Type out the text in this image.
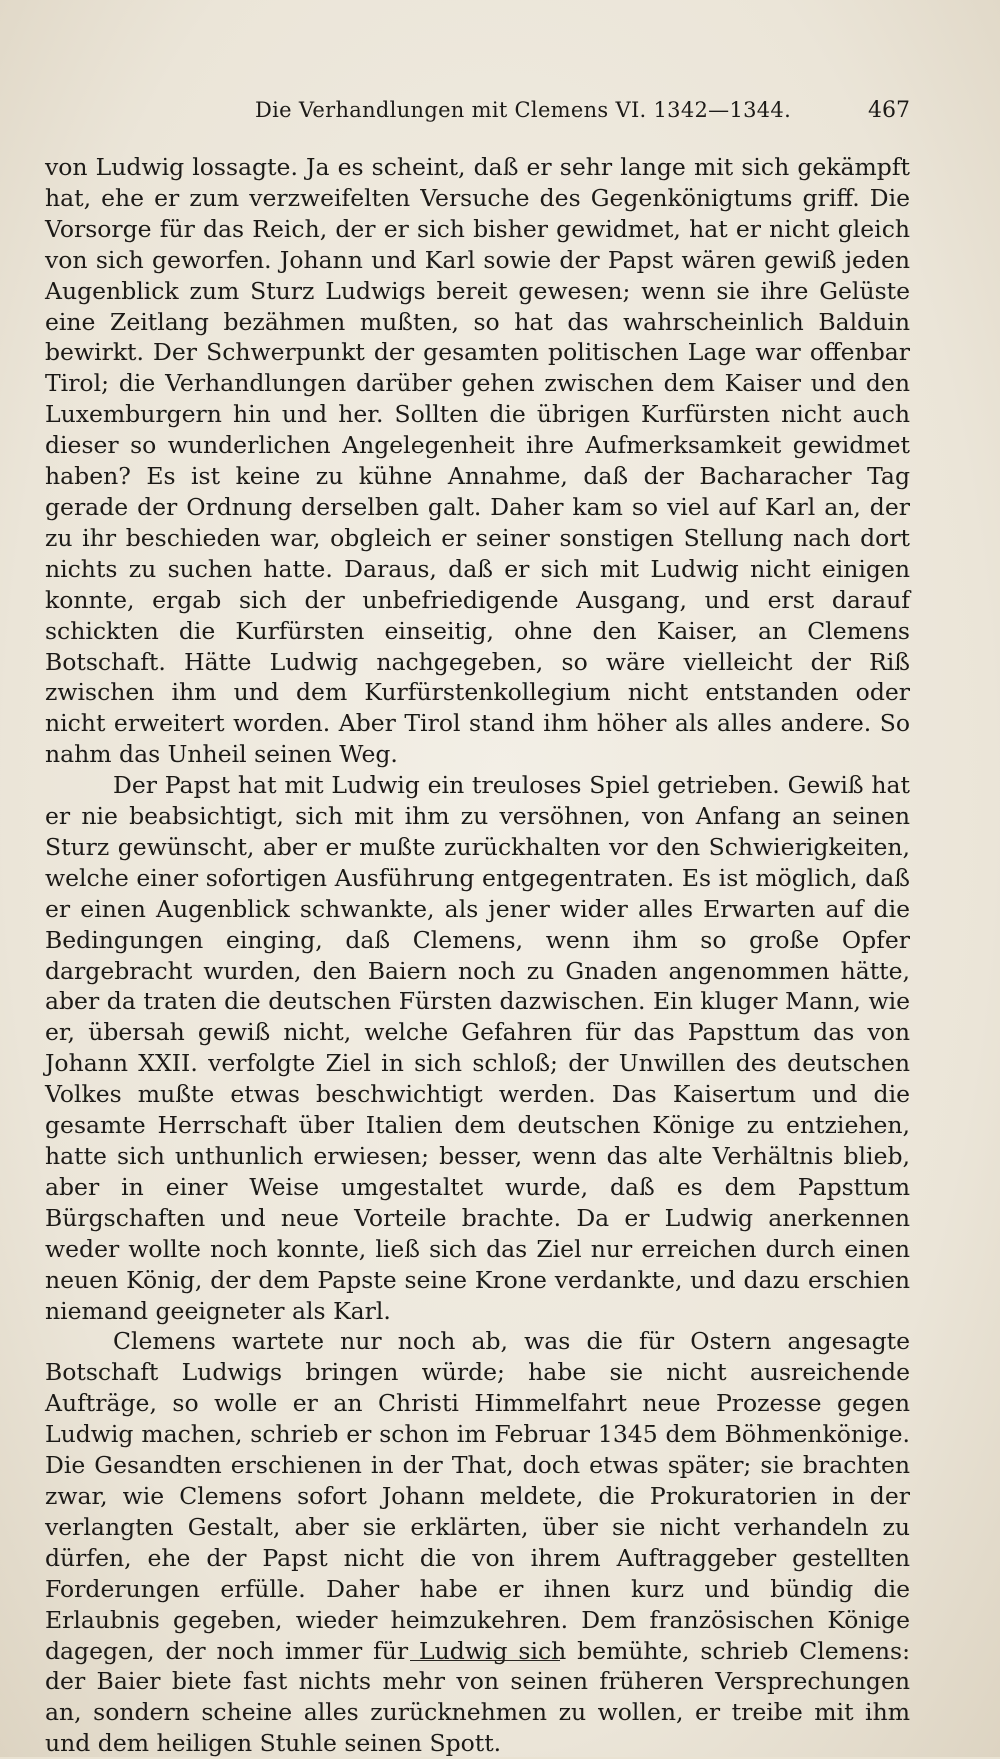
Die Verhandlungen mit Clemens VI. 1342—1344.	467

von Ludwig lossagte. Ja es scheint, daß er sehr lange mit sich gekämpft hat, ehe er zum verzweifelten Versuche des Gegenkönigtums griff. Die Vorsorge für das Reich, der er sich bisher gewidmet, hat er nicht gleich von sich geworfen. Johann und Karl sowie der Papst wären gewiß jeden Augenblick zum Sturz Ludwigs bereit gewesen; wenn sie ihre Gelüste eine Zeitlang bezähmen mußten, so hat das wahrscheinlich Balduin bewirkt. Der Schwerpunkt der gesamten politischen Lage war offenbar Tirol; die Verhandlungen darüber gehen zwischen dem Kaiser und den Luxemburgern hin und her. Sollten die übrigen Kurfürsten nicht auch dieser so wunderlichen Angelegenheit ihre Aufmerksamkeit gewidmet haben? Es ist keine zu kühne Annahme, daß der Bacharacher Tag gerade der Ordnung derselben galt. Daher kam so viel auf Karl an, der zu ihr beschieden war, obgleich er seiner sonstigen Stellung nach dort nichts zu suchen hatte. Daraus, daß er sich mit Ludwig nicht einigen konnte, ergab sich der unbefriedigende Ausgang, und erst darauf schickten die Kurfürsten einseitig, ohne den Kaiser, an Clemens Botschaft. Hätte Ludwig nachgegeben, so wäre vielleicht der Riß zwischen ihm und dem Kurfürstenkollegium nicht entstanden oder nicht erweitert worden. Aber Tirol stand ihm höher als alles andere. So nahm das Unheil seinen Weg.

Der Papst hat mit Ludwig ein treuloses Spiel getrieben. Gewiß hat er nie beabsichtigt, sich mit ihm zu versöhnen, von Anfang an seinen Sturz gewünscht, aber er mußte zurückhalten vor den Schwierigkeiten, welche einer sofortigen Ausführung entgegentraten. Es ist möglich, daß er einen Augenblick schwankte, als jener wider alles Erwarten auf die Bedingungen einging, daß Clemens, wenn ihm so große Opfer dargebracht wurden, den Baiern noch zu Gnaden angenommen hätte, aber da traten die deutschen Fürsten dazwischen. Ein kluger Mann, wie er, übersah gewiß nicht, welche Gefahren für das Papsttum das von Johann XXII. verfolgte Ziel in sich schloß; der Unwillen des deutschen Volkes mußte etwas beschwichtigt werden. Das Kaisertum und die gesamte Herrschaft über Italien dem deutschen Könige zu entziehen, hatte sich unthunlich erwiesen; besser, wenn das alte Verhältnis blieb, aber in einer Weise umgestaltet wurde, daß es dem Papsttum Bürgschaften und neue Vorteile brachte. Da er Ludwig anerkennen weder wollte noch konnte, ließ sich das Ziel nur erreichen durch einen neuen König, der dem Papste seine Krone verdankte, und dazu erschien niemand geeigneter als Karl.

Clemens wartete nur noch ab, was die für Ostern angesagte Botschaft Ludwigs bringen würde; habe sie nicht ausreichende Aufträge, so wolle er an Christi Himmelfahrt neue Prozesse gegen Ludwig machen, schrieb er schon im Februar 1345 dem Böhmenkönige. Die Gesandten erschienen in der That, doch etwas später; sie brachten zwar, wie Clemens sofort Johann meldete, die Prokuratorien in der verlangten Gestalt, aber sie erklärten, über sie nicht verhandeln zu dürfen, ehe der Papst nicht die von ihrem Auftraggeber gestellten Forderungen erfülle. Daher habe er ihnen kurz und bündig die Erlaubnis gegeben, wieder heimzukehren. Dem französischen Könige dagegen, der noch immer für Ludwig sich bemühte, schrieb Clemens: der Baier biete fast nichts mehr von seinen früheren Versprechungen an, sondern scheine alles zurücknehmen zu wollen, er treibe mit ihm und dem heiligen Stuhle seinen Spott.
